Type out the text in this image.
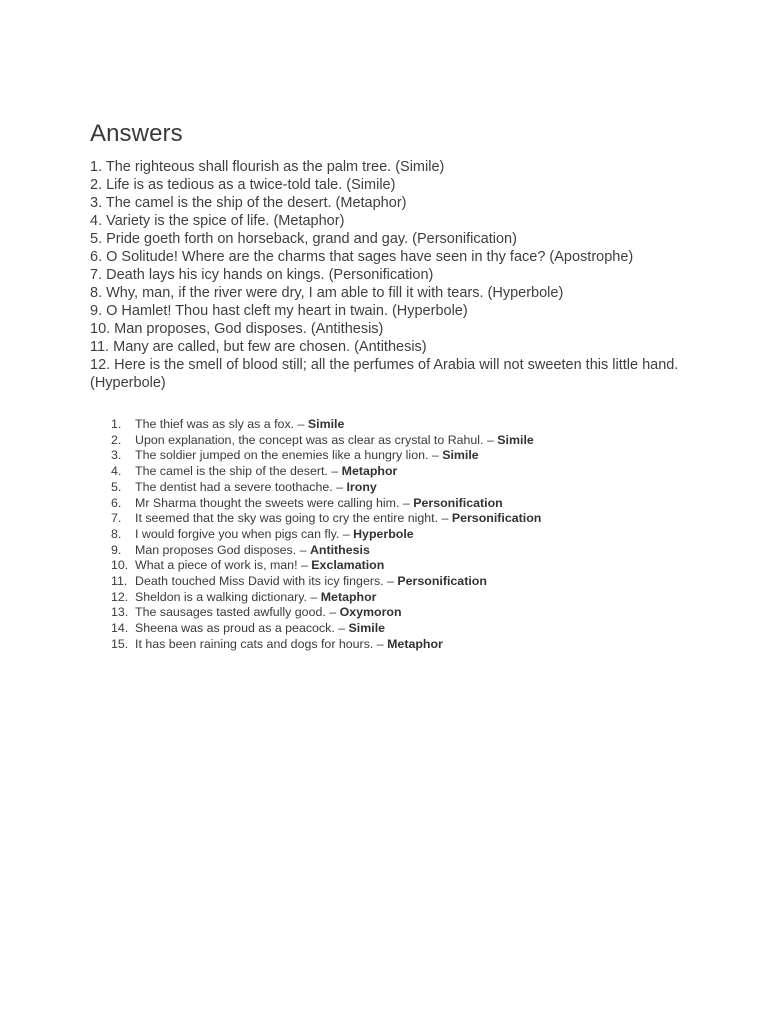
Answers

1. The righteous shall flourish as the palm tree. (Simile)

2. Life is as tedious as a twice-told tale. (Simile)

3. The camel is the ship of the desert. (Metaphor)

4. Variety is the spice of life. (Metaphor)

5. Pride goeth forth on horseback, grand and gay. (Personification)

6. O Solitude! Where are the charms that sages have seen in thy face? (Apostrophe)

7. Death lays his icy hands on kings. (Personification)

8. Why, man, if the river were dry, I am able to fill it with tears. (Hyperbole)

9. O Hamlet! Thou hast cleft my heart in twain. (Hyperbole)

10. Man proposes, God disposes. (Antithesis)

11. Many are called, but few are chosen. (Antithesis)

12. Here is the smell of blood still; all the perfumes of Arabia will not sweeten this little hand. (Hyperbole)

1. The thief was as sly as a fox. – Simile
2. Upon explanation, the concept was as clear as crystal to Rahul. – Simile
3. The soldier jumped on the enemies like a hungry lion. – Simile
4. The camel is the ship of the desert. – Metaphor
5. The dentist had a severe toothache. – Irony
6. Mr Sharma thought the sweets were calling him. – Personification
7. It seemed that the sky was going to cry the entire night. – Personification
8. I would forgive you when pigs can fly. – Hyperbole
9. Man proposes God disposes. – Antithesis
10. What a piece of work is, man! – Exclamation
11. Death touched Miss David with its icy fingers. – Personification
12. Sheldon is a walking dictionary. – Metaphor
13. The sausages tasted awfully good. – Oxymoron
14. Sheena was as proud as a peacock. – Simile
15. It has been raining cats and dogs for hours. – Metaphor
